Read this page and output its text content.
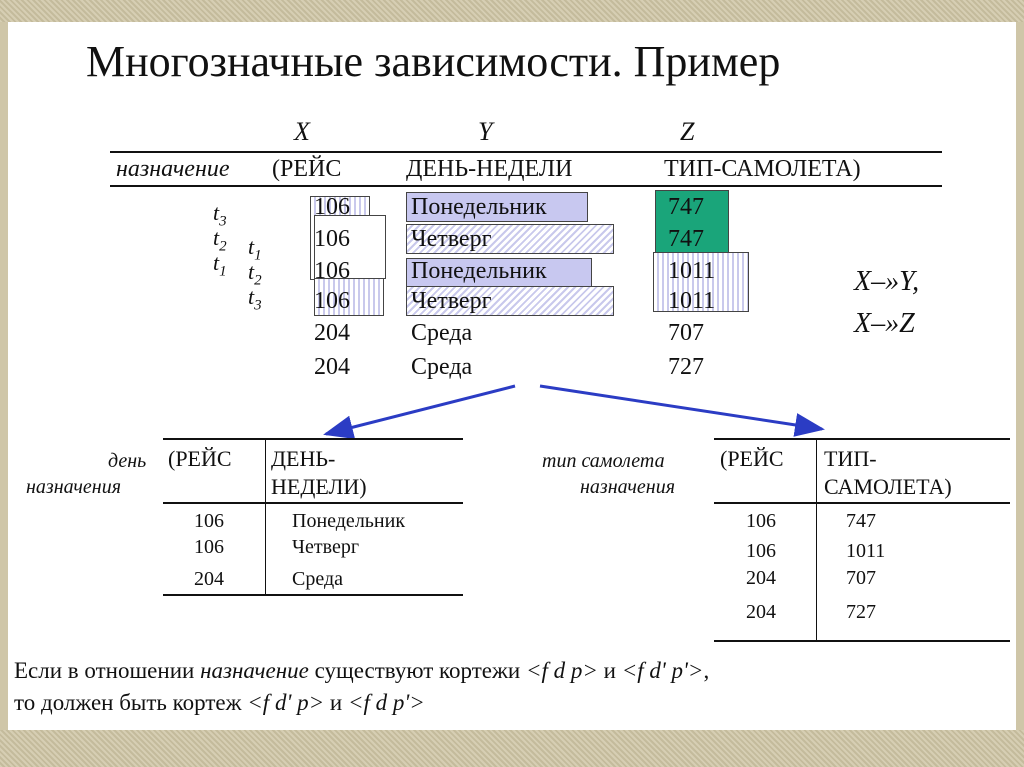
Многозначные зависимости. Пример
X	Y	Z
назначение (РЕЙС	ДЕНЬ-НЕДЕЛИ	ТИП-САМОЛЕТА)
$t_3$
$t_2$
$t_1$
$t_1$
$t_2$
$t_3$
106	Понедельник	747
106	Четверг	747
106	Понедельник	1011
106	Четверг	1011
204	Среда	707
204	Среда	727
X–»Y,
X–»Z
день
назначения
(РЕЙС ДЕНЬ-
НЕДЕЛИ)
106	Понедельник
106	Четверг
204	Среда
тип самолета
назначения
(РЕЙС ТИП-
САМОЛЕТА)
106	747
106	1011
204	707
204	727
Если в отношении назначение существуют кортежи <f d p> и <f d' p'>,
то должен быть кортеж <f d' p> и <f d p'>
